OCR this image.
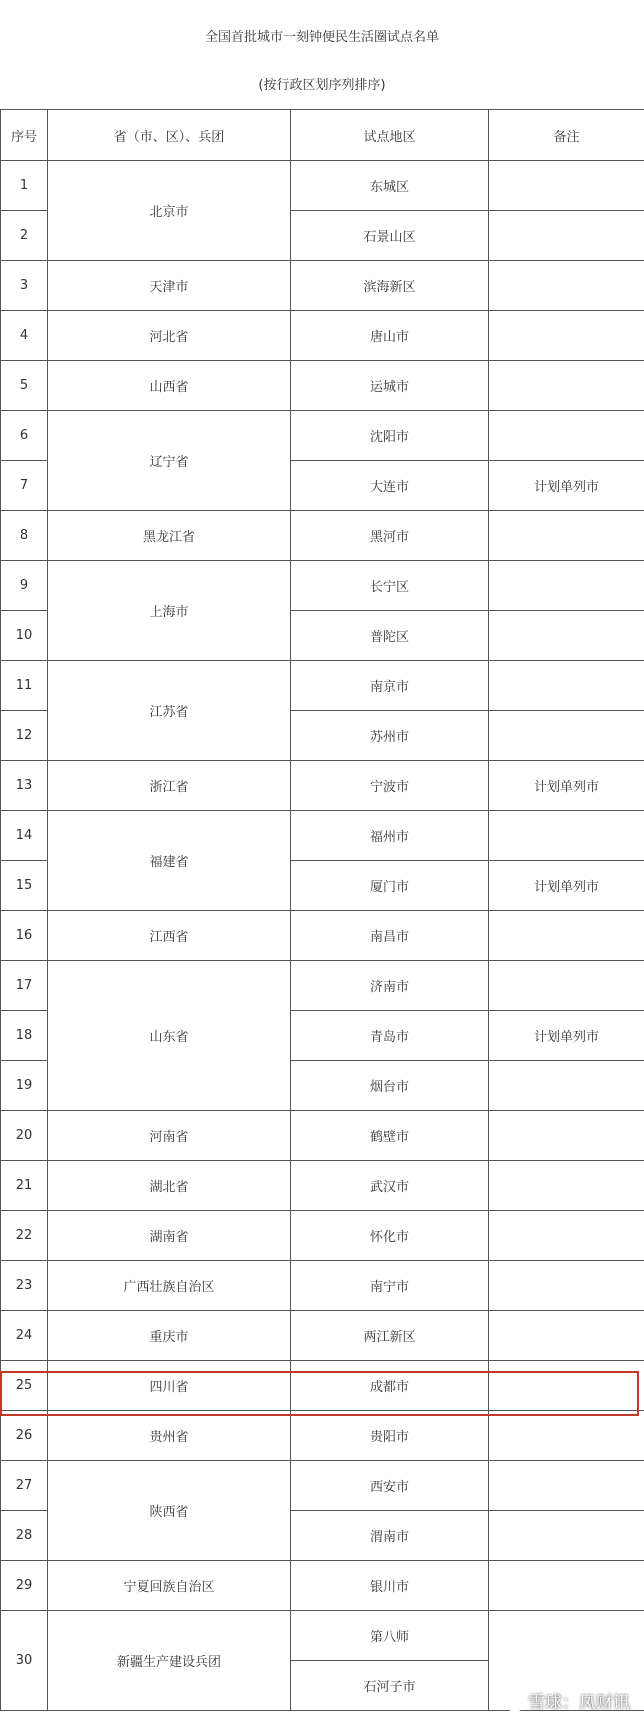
全国首批城市一刻钟便民生活圈试点名单
(按行政区划序列排序)
序号	省（市、区）、兵团	试点地区	备注
1	北京市	东城区	
2		石景山区	
3	天津市	滨海新区	
4	河北省	唐山市	
5	山西省	运城市	
6	辽宁省	沈阳市	
7		大连市	计划单列市
8	黑龙江省	黑河市	
9	上海市	长宁区	
10		普陀区	
11	江苏省	南京市	
12		苏州市	
13	浙江省	宁波市	计划单列市
14	福建省	福州市	
15		厦门市	计划单列市
16	江西省	南昌市	
17	山东省	济南市	
18		青岛市	计划单列市
19		烟台市	
20	河南省	鹤壁市	
21	湖北省	武汉市	
22	湖南省	怀化市	
23	广西壮族自治区	南宁市	
24	重庆市	两江新区	
25	四川省	成都市	
26	贵州省	贵阳市	
27	陕西省	西安市	
28		渭南市	
29	宁夏回族自治区	银川市	
30	新疆生产建设兵团	第八师	
		石河子市	
雪球：凤财讯
